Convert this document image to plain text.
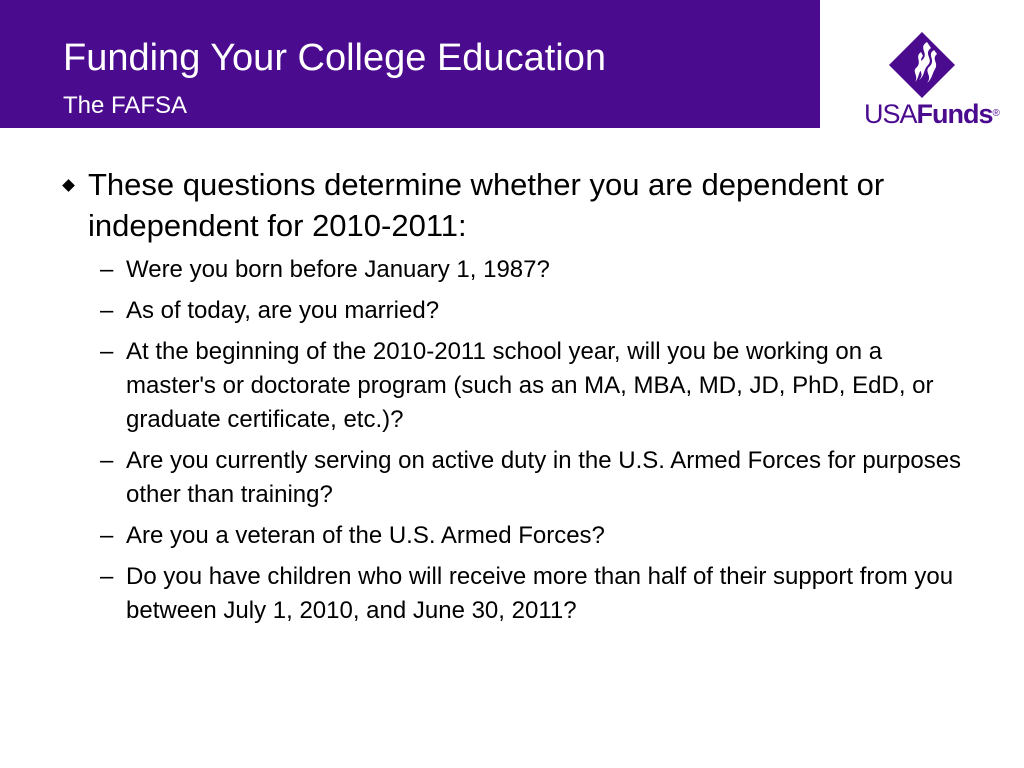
Funding Your College Education
The FAFSA	USAFunds®
These questions determine whether you are dependent or independent for 2010-2011:
– Were you born before January 1, 1987?
– As of today, are you married?
– At the beginning of the 2010-2011 school year, will you be working on a master's or doctorate program (such as an MA, MBA, MD, JD, PhD, EdD, or graduate certificate, etc.)?
– Are you currently serving on active duty in the U.S. Armed Forces for purposes other than training?
– Are you a veteran of the U.S. Armed Forces?
– Do you have children who will receive more than half of their support from you between July 1, 2010, and June 30, 2011?
